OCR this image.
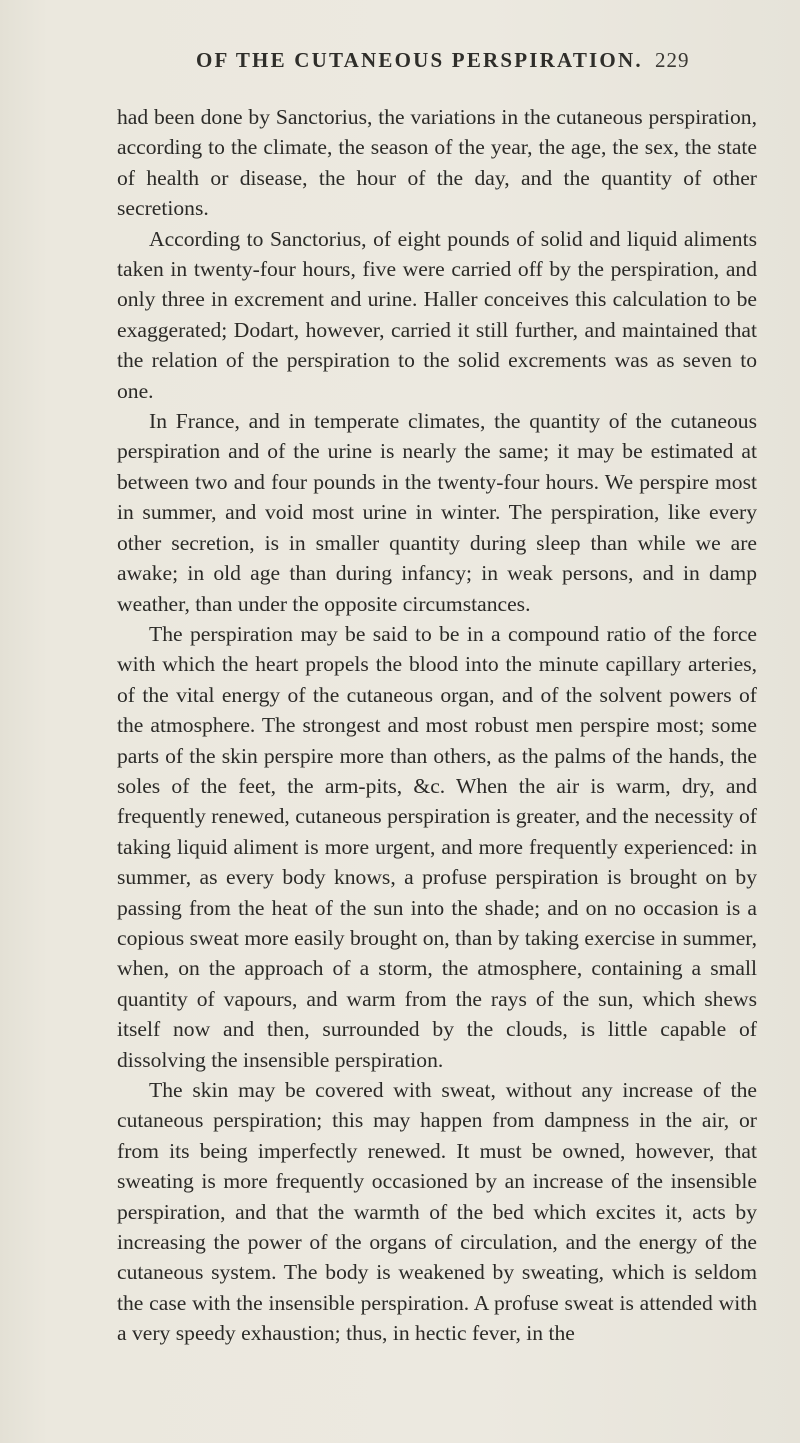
OF THE CUTANEOUS PERSPIRATION. 229

had been done by Sanctorius, the variations in the cutaneous perspiration, according to the climate, the season of the year, the age, the sex, the state of health or disease, the hour of the day, and the quantity of other secretions.

According to Sanctorius, of eight pounds of solid and liquid aliments taken in twenty-four hours, five were carried off by the perspiration, and only three in excrement and urine. Haller conceives this calculation to be exaggerated; Dodart, however, carried it still further, and maintained that the relation of the perspiration to the solid excrements was as seven to one.

In France, and in temperate climates, the quantity of the cutaneous perspiration and of the urine is nearly the same; it may be estimated at between two and four pounds in the twenty-four hours. We perspire most in summer, and void most urine in winter. The perspiration, like every other secretion, is in smaller quantity during sleep than while we are awake; in old age than during infancy; in weak persons, and in damp weather, than under the opposite circumstances.

The perspiration may be said to be in a compound ratio of the force with which the heart propels the blood into the minute capillary arteries, of the vital energy of the cutaneous organ, and of the solvent powers of the atmosphere. The strongest and most robust men perspire most; some parts of the skin perspire more than others, as the palms of the hands, the soles of the feet, the arm-pits, &c. When the air is warm, dry, and frequently renewed, cutaneous perspiration is greater, and the necessity of taking liquid aliment is more urgent, and more frequently experienced: in summer, as every body knows, a profuse perspiration is brought on by passing from the heat of the sun into the shade; and on no occasion is a copious sweat more easily brought on, than by taking exercise in summer, when, on the approach of a storm, the atmosphere, containing a small quantity of vapours, and warm from the rays of the sun, which shews itself now and then, surrounded by the clouds, is little capable of dissolving the insensible perspiration.

The skin may be covered with sweat, without any increase of the cutaneous perspiration; this may happen from dampness in the air, or from its being imperfectly renewed. It must be owned, however, that sweating is more frequently occasioned by an increase of the insensible perspiration, and that the warmth of the bed which excites it, acts by increasing the power of the organs of circulation, and the energy of the cutaneous system. The body is weakened by sweating, which is seldom the case with the insensible perspiration. A profuse sweat is attended with a very speedy exhaustion; thus, in hectic fever, in the
